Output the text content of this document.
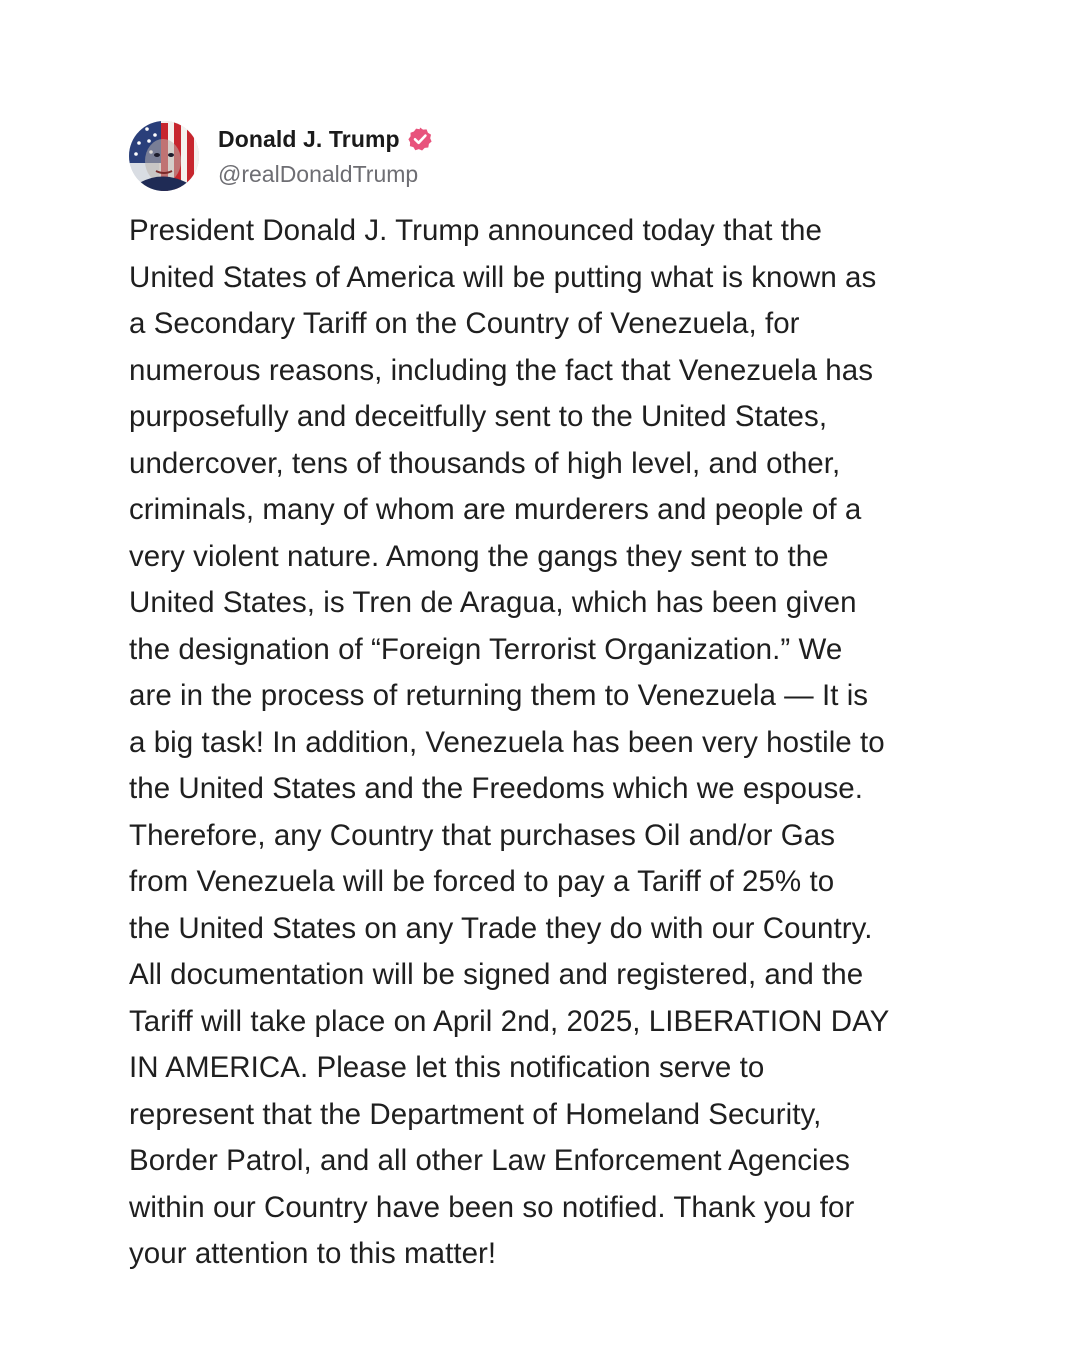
Donald J. Trump
@realDonaldTrump
President Donald J. Trump announced today that the
United States of America will be putting what is known as
a Secondary Tariff on the Country of Venezuela, for
numerous reasons, including the fact that Venezuela has
purposefully and deceitfully sent to the United States,
undercover, tens of thousands of high level, and other,
criminals, many of whom are murderers and people of a
very violent nature. Among the gangs they sent to the
United States, is Tren de Aragua, which has been given
the designation of “Foreign Terrorist Organization.” We
are in the process of returning them to Venezuela — It is
a big task! In addition, Venezuela has been very hostile to
the United States and the Freedoms which we espouse.
Therefore, any Country that purchases Oil and/or Gas
from Venezuela will be forced to pay a Tariff of 25% to
the United States on any Trade they do with our Country.
All documentation will be signed and registered, and the
Tariff will take place on April 2nd, 2025, LIBERATION DAY
IN AMERICA. Please let this notification serve to
represent that the Department of Homeland Security,
Border Patrol, and all other Law Enforcement Agencies
within our Country have been so notified. Thank you for
your attention to this matter!
